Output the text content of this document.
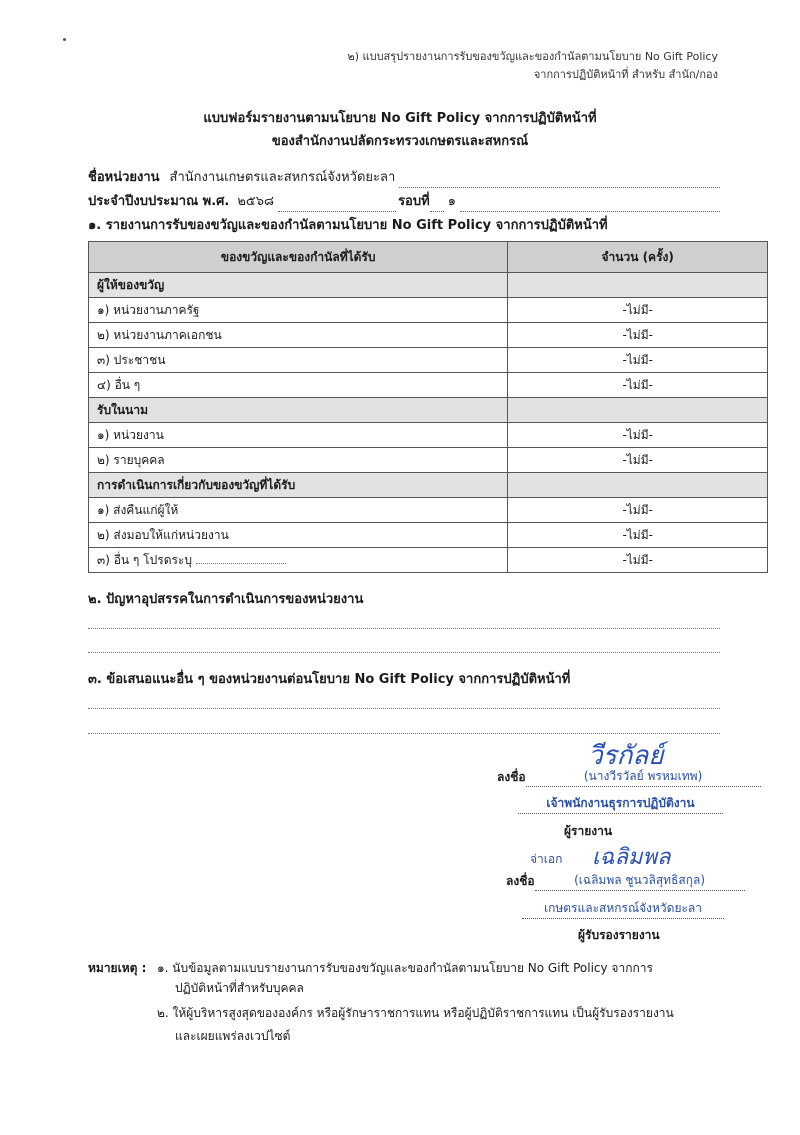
๒) แบบสรุปรายงานการรับของขวัญและของกำนัลตามนโยบาย No Gift Policy
จากการปฏิบัติหน้าที่ สำหรับ สำนัก/กอง
แบบฟอร์มรายงานตามนโยบาย No Gift Policy จากการปฏิบัติหน้าที่
ของสำนักงานปลัดกระทรวงเกษตรและสหกรณ์
ชื่อหน่วยงาน สำนักงานเกษตรและสหกรณ์จังหวัดยะลา
ประจำปีงบประมาณ พ.ศ. ๒๕๖๘	รอบที่	๑
๑. รายงานการรับของขวัญและของกำนัลตามนโยบาย No Gift Policy จากการปฏิบัติหน้าที่
ของขวัญและของกำนัลที่ได้รับ	จำนวน (ครั้ง)
ผู้ให้ของขวัญ	
๑) หน่วยงานภาครัฐ	-ไม่มี-
๒) หน่วยงานภาคเอกชน	-ไม่มี-
๓) ประชาชน	-ไม่มี-
๔) อื่น ๆ	-ไม่มี-
รับในนาม	
๑) หน่วยงาน	-ไม่มี-
๒) รายบุคคล	-ไม่มี-
การดำเนินการเกี่ยวกับของขวัญที่ได้รับ	
๑) ส่งคืนแก่ผู้ให้	-ไม่มี-
๒) ส่งมอบให้แก่หน่วยงาน	-ไม่มี-
๓) อื่น ๆ โปรดระบุ	-ไม่มี-
๒. ปัญหาอุปสรรคในการดำเนินการของหน่วยงาน
๓. ข้อเสนอแนะอื่น ๆ ของหน่วยงานต่อนโยบาย No Gift Policy จากการปฏิบัติหน้าที่
วีรกัลย์
ลงชื่อ	(นางวีรวัลย์ พรหมเทพ)
เจ้าพนักงานธุรการปฏิบัติงาน
ผู้รายงาน
จ่าเอก เฉลิมพล
ลงชื่อ	(เฉลิมพล ชูนวลิสุทธิสกุล)
เกษตรและสหกรณ์จังหวัดยะลา
ผู้รับรองรายงาน
หมายเหตุ : ๑. นับข้อมูลตามแบบรายงานการรับของขวัญและของกำนัลตามนโยบาย No Gift Policy จากการ
ปฏิบัติหน้าที่สำหรับบุคคล
๒. ให้ผู้บริหารสูงสุดขององค์กร หรือผู้รักษาราชการแทน หรือผู้ปฏิบัติราชการแทน เป็นผู้รับรองรายงาน
และเผยแพร่ลงเวปไซต์
